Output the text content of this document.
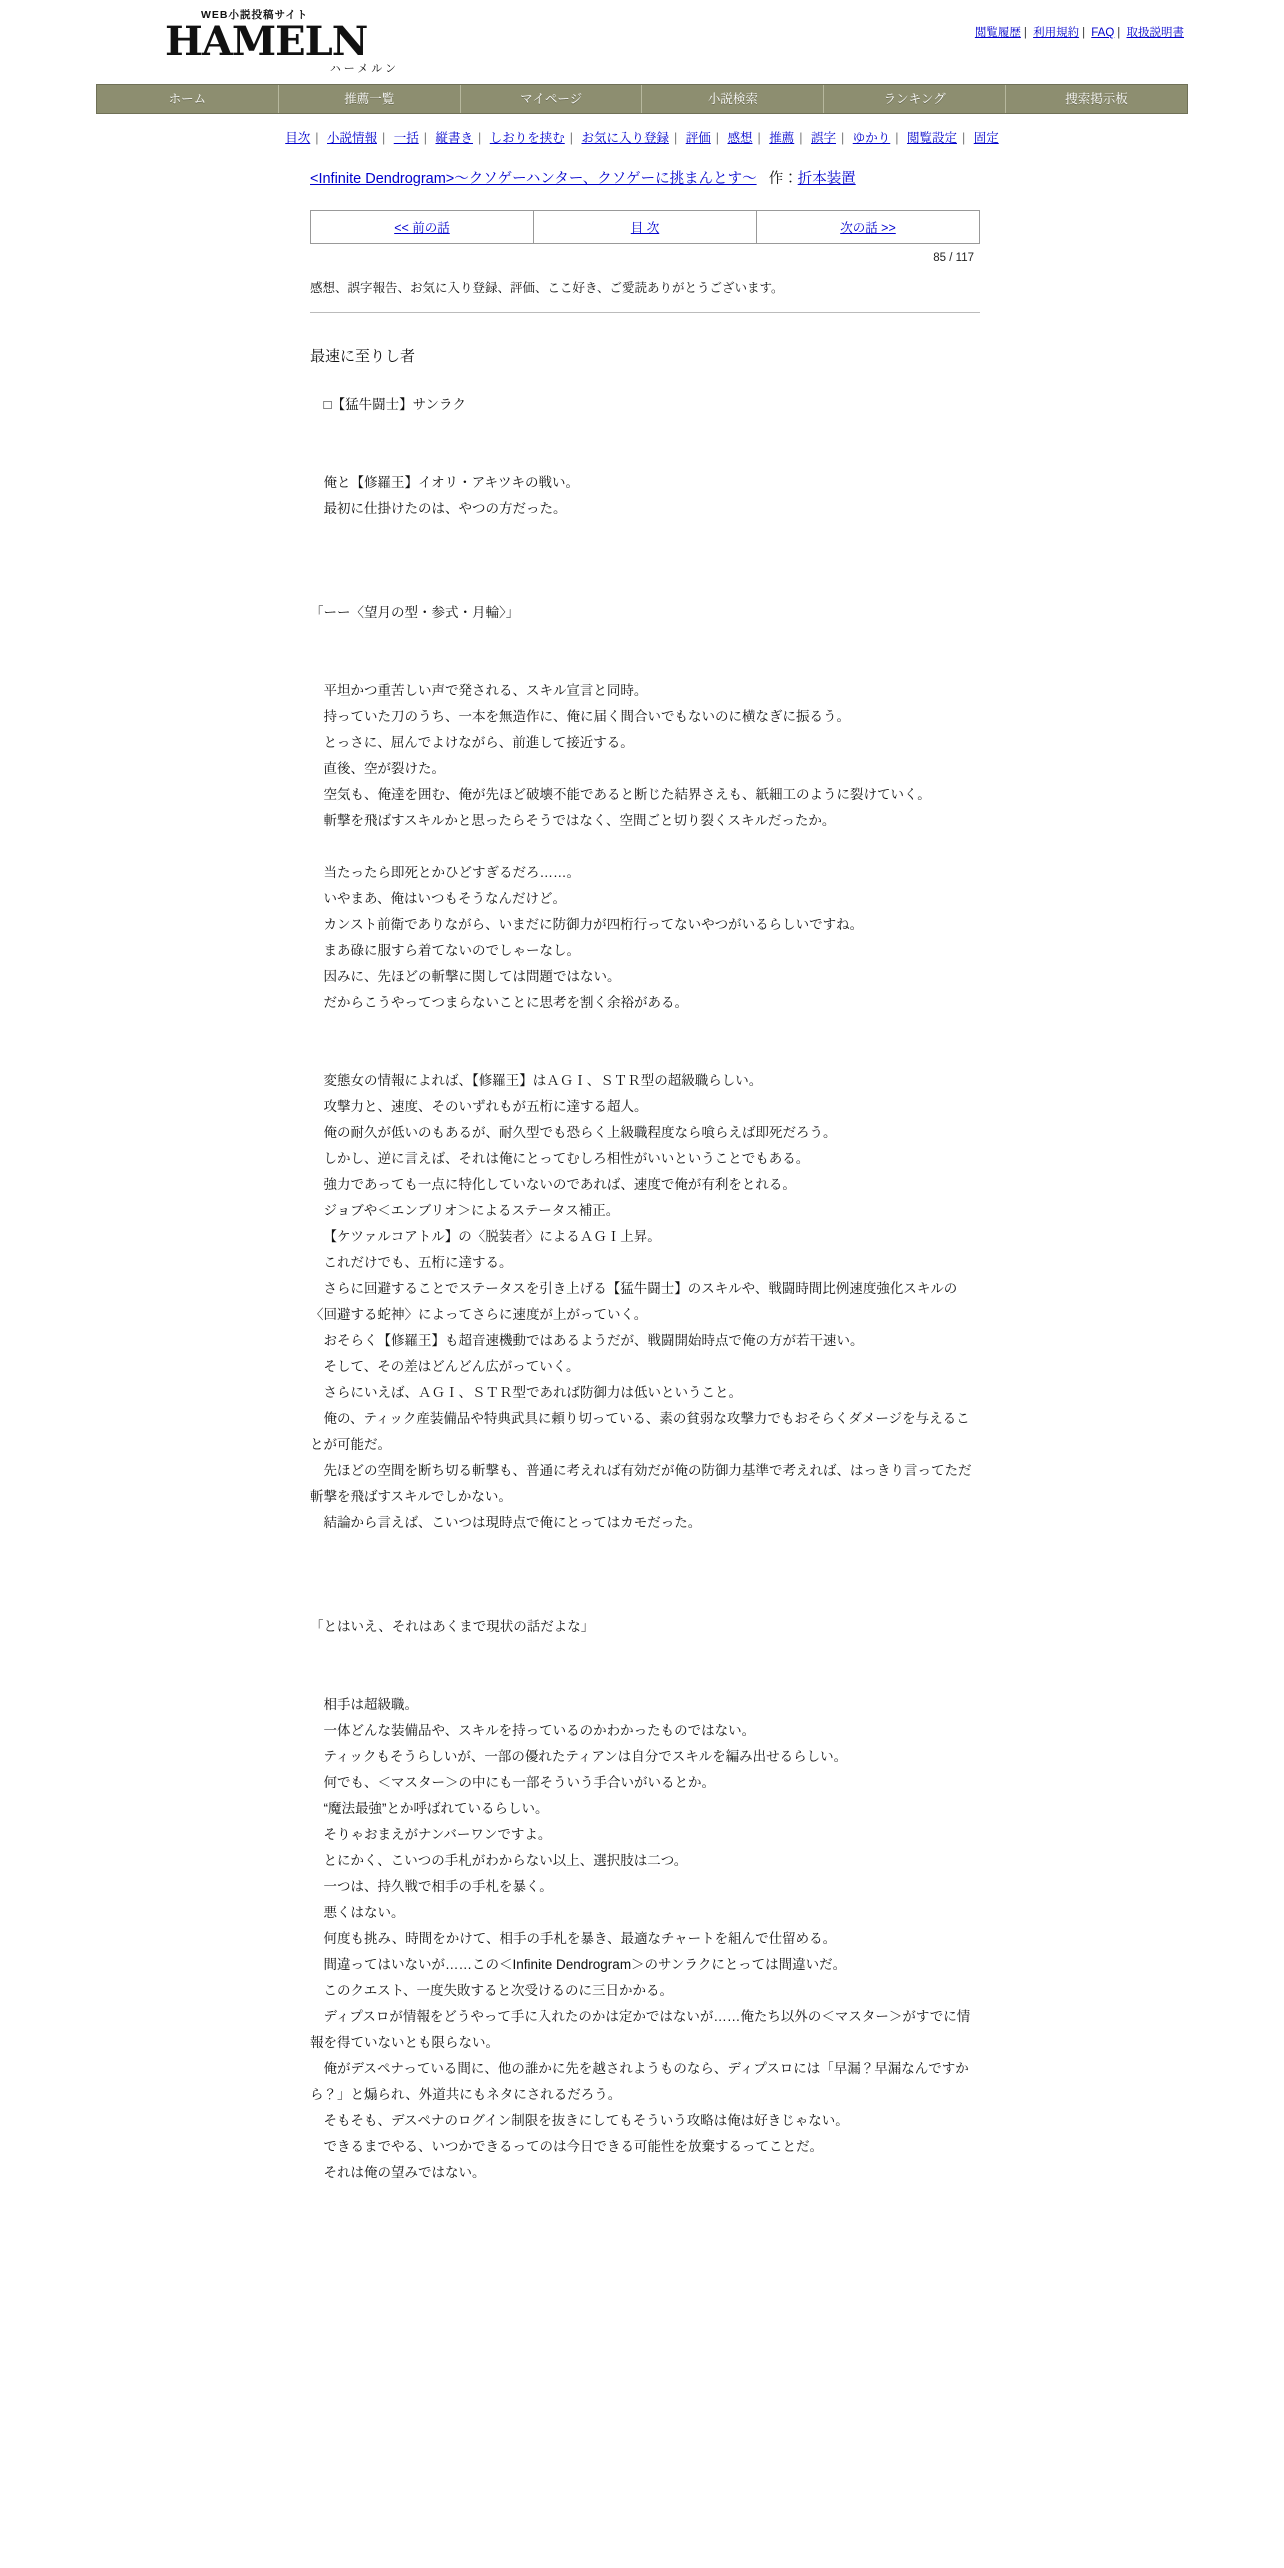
WEB小説投稿サイト
HAMELN
ハーメルン
閲覧履歴 | 利用規約 | FAQ | 取扱説明書
ホーム	推薦一覧	マイページ	小説検索	ランキング	捜索掲示板
目次 | 小説情報 | 一括 | 縦書き | しおりを挟む | お気に入り登録 | 評価 | 感想 | 推薦 | 誤字 | ゆかり | 閲覧設定 | 固定
<Infinite Dendrogram>～クソゲーハンター、クソゲーに挑まんとす～ 作：折本装置
<< 前の話	目 次	次の話 >>
85 / 117
感想、誤字報告、お気に入り登録、評価、ここ好き、ご愛読ありがとうございます。
最速に至りし者

□【猛牛闘士】サンラク

俺と【修羅王】イオリ・アキツキの戦い。

最初に仕掛けたのは、やつの方だった。

「ーー〈望月の型・参式・月輪〉」

平坦かつ重苦しい声で発される、スキル宣言と同時。

持っていた刀のうち、一本を無造作に、俺に届く間合いでもないのに横なぎに振るう。

とっさに、屈んでよけながら、前進して接近する。

直後、空が裂けた。

空気も、俺達を囲む、俺が先ほど破壊不能であると断じた結界さえも、紙細工のように裂けていく。

斬撃を飛ばすスキルかと思ったらそうではなく、空間ごと切り裂くスキルだったか。

当たったら即死とかひどすぎるだろ……。

いやまあ、俺はいつもそうなんだけど。

カンスト前衛でありながら、いまだに防御力が四桁行ってないやつがいるらしいですね。

まあ碌に服すら着てないのでしゃーなし。

因みに、先ほどの斬撃に関しては問題ではない。

だからこうやってつまらないことに思考を割く余裕がある。

変態女の情報によれば、【修羅王】はＡＧＩ、ＳＴＲ型の超級職らしい。

攻撃力と、速度、そのいずれもが五桁に達する超人。

俺の耐久が低いのもあるが、耐久型でも恐らく上級職程度なら喰らえば即死だろう。

しかし、逆に言えば、それは俺にとってむしろ相性がいいということでもある。

強力であっても一点に特化していないのであれば、速度で俺が有利をとれる。

ジョブや＜エンブリオ＞によるステータス補正。

【ケツァルコアトル】の〈脱装者〉によるＡＧＩ上昇。

これだけでも、五桁に達する。

さらに回避することでステータスを引き上げる【猛牛闘士】のスキルや、戦闘時間比例速度強化スキルの〈回避する蛇神〉によってさらに速度が上がっていく。

おそらく【修羅王】も超音速機動ではあるようだが、戦闘開始時点で俺の方が若干速い。

そして、その差はどんどん広がっていく。

さらにいえば、ＡＧＩ、ＳＴＲ型であれば防御力は低いということ。

俺の、ティック産装備品や特典武具に頼り切っている、素の貧弱な攻撃力でもおそらくダメージを与えることが可能だ。

先ほどの空間を断ち切る斬撃も、普通に考えれば有効だが俺の防御力基準で考えれば、はっきり言ってただ斬撃を飛ばすスキルでしかない。

結論から言えば、こいつは現時点で俺にとってはカモだった。

「とはいえ、それはあくまで現状の話だよな」

相手は超級職。

一体どんな装備品や、スキルを持っているのかわかったものではない。

ティックもそうらしいが、一部の優れたティアンは自分でスキルを編み出せるらしい。

何でも、＜マスター＞の中にも一部そういう手合いがいるとか。

“魔法最強”とか呼ばれているらしい。

そりゃおまえがナンバーワンですよ。

とにかく、こいつの手札がわからない以上、選択肢は二つ。

一つは、持久戦で相手の手札を暴く。

悪くはない。

何度も挑み、時間をかけて、相手の手札を暴き、最適なチャートを組んで仕留める。

間違ってはいないが……この＜Infinite Dendrogram＞のサンラクにとっては間違いだ。

このクエスト、一度失敗すると次受けるのに三日かかる。

ディプスロが情報をどうやって手に入れたのかは定かではないが……俺たち以外の＜マスター＞がすでに情報を得ていないとも限らない。

俺がデスペナっている間に、他の誰かに先を越されようものなら、ディプスロには「早漏？早漏なんですから？」と煽られ、外道共にもネタにされるだろう。

そもそも、デスペナのログイン制限を抜きにしてもそういう攻略は俺は好きじゃない。

できるまでやる、いつかできるってのは今日できる可能性を放棄するってことだ。

それは俺の望みではない。
